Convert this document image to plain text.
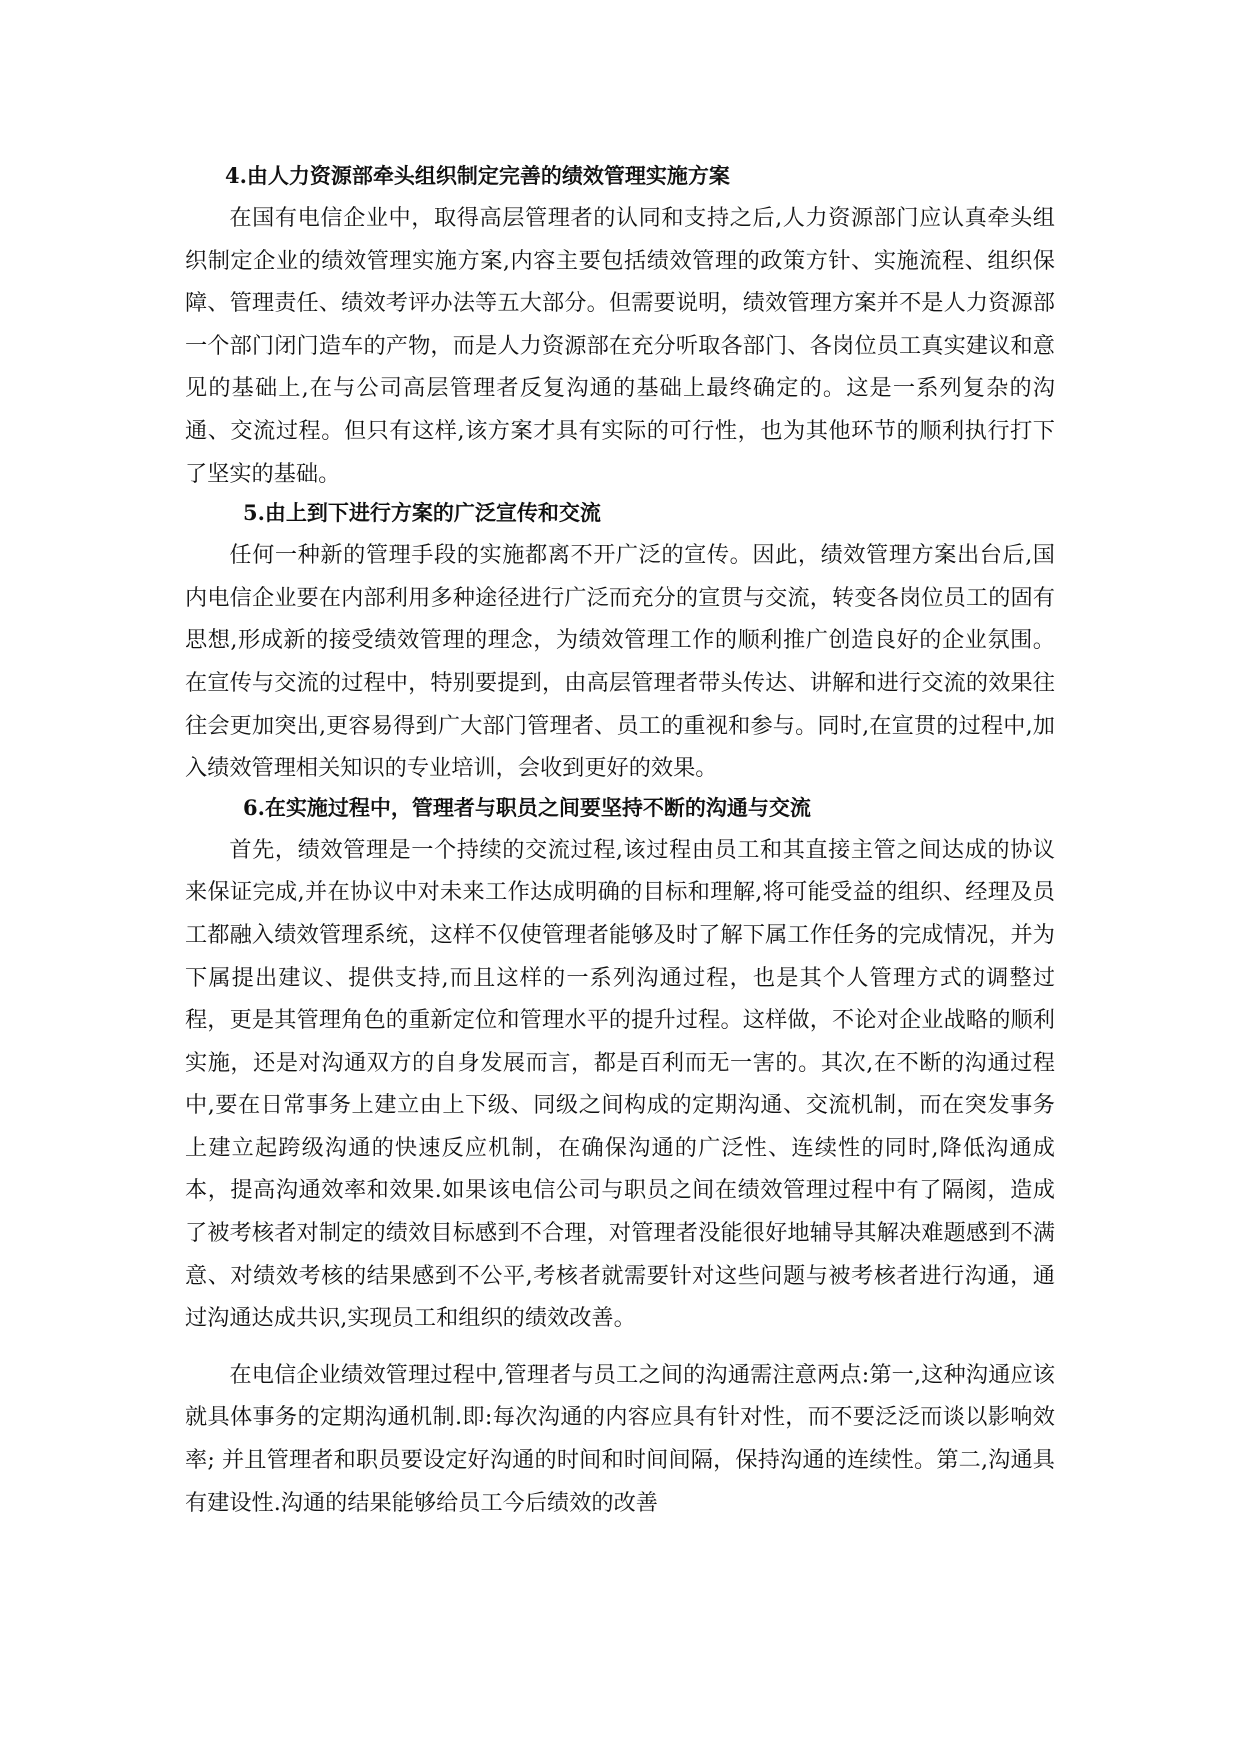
4.由人力资源部牵头组织制定完善的绩效管理实施方案

在国有电信企业中，取得高层管理者的认同和支持之后,人力资源部门应认真牵头组织制定企业的绩效管理实施方案,内容主要包括绩效管理的政策方针、实施流程、组织保障、管理责任、绩效考评办法等五大部分。但需要说明，绩效管理方案并不是人力资源部一个部门闭门造车的产物，而是人力资源部在充分听取各部门、各岗位员工真实建议和意见的基础上,在与公司高层管理者反复沟通的基础上最终确定的。这是一系列复杂的沟通、交流过程。但只有这样,该方案才具有实际的可行性，也为其他环节的顺利执行打下了坚实的基础。

5.由上到下进行方案的广泛宣传和交流

任何一种新的管理手段的实施都离不开广泛的宣传。因此，绩效管理方案出台后,国内电信企业要在内部利用多种途径进行广泛而充分的宣贯与交流，转变各岗位员工的固有思想,形成新的接受绩效管理的理念，为绩效管理工作的顺利推广创造良好的企业氛围。在宣传与交流的过程中，特别要提到，由高层管理者带头传达、讲解和进行交流的效果往往会更加突出,更容易得到广大部门管理者、员工的重视和参与。同时,在宣贯的过程中,加入绩效管理相关知识的专业培训，会收到更好的效果。

6.在实施过程中，管理者与职员之间要坚持不断的沟通与交流

首先，绩效管理是一个持续的交流过程,该过程由员工和其直接主管之间达成的协议来保证完成,并在协议中对未来工作达成明确的目标和理解,将可能受益的组织、经理及员工都融入绩效管理系统，这样不仅使管理者能够及时了解下属工作任务的完成情况，并为下属提出建议、提供支持,而且这样的一系列沟通过程，也是其个人管理方式的调整过程，更是其管理角色的重新定位和管理水平的提升过程。这样做，不论对企业战略的顺利实施，还是对沟通双方的自身发展而言，都是百利而无一害的。其次,在不断的沟通过程中,要在日常事务上建立由上下级、同级之间构成的定期沟通、交流机制，而在突发事务上建立起跨级沟通的快速反应机制，在确保沟通的广泛性、连续性的同时,降低沟通成本，提高沟通效率和效果.如果该电信公司与职员之间在绩效管理过程中有了隔阂，造成了被考核者对制定的绩效目标感到不合理，对管理者没能很好地辅导其解决难题感到不满意、对绩效考核的结果感到不公平,考核者就需要针对这些问题与被考核者进行沟通，通过沟通达成共识,实现员工和组织的绩效改善。

在电信企业绩效管理过程中,管理者与员工之间的沟通需注意两点:第一,这种沟通应该就具体事务的定期沟通机制.即:每次沟通的内容应具有针对性，而不要泛泛而谈以影响效率; 并且管理者和职员要设定好沟通的时间和时间间隔，保持沟通的连续性。第二,沟通具有建设性.沟通的结果能够给员工今后绩效的改善
